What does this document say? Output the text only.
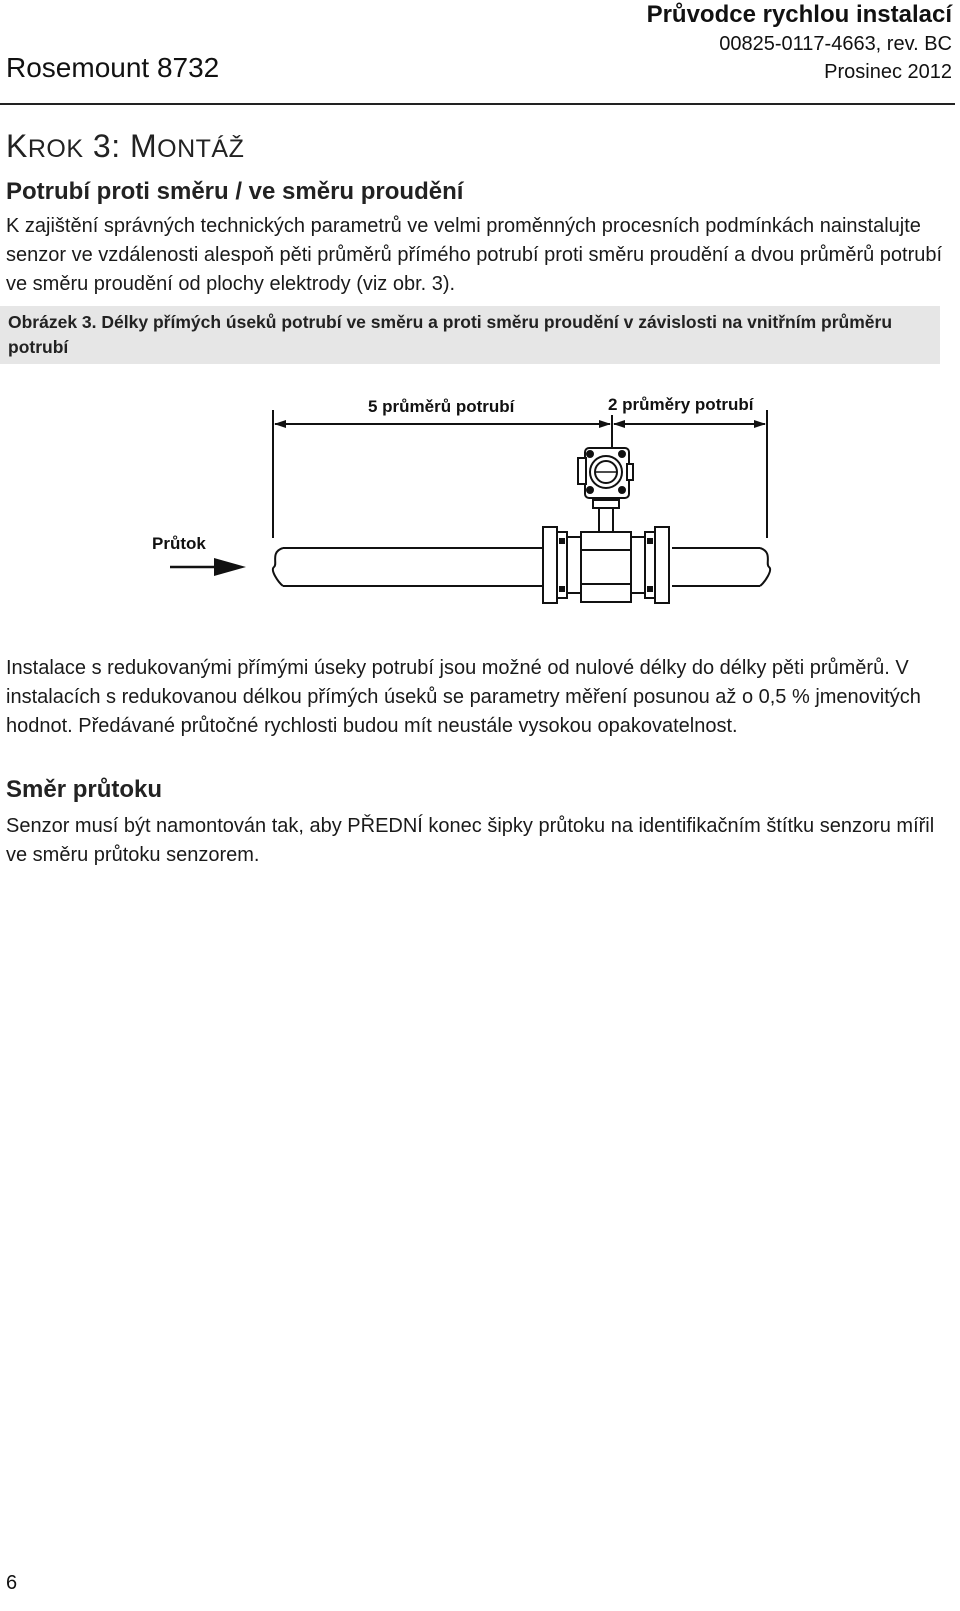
Rosemount 8732
Průvodce rychlou instalací
00825-0117-4663, rev. BC
Prosinec 2012
KROK 3: MONTÁŽ
Potrubí proti směru / ve směru proudění
K zajištění správných technických parametrů ve velmi proměnných procesních podmínkách nainstalujte senzor ve vzdálenosti alespoň pěti průměrů přímého potrubí proti směru proudění a dvou průměrů potrubí ve směru proudění od plochy elektrody (viz obr. 3).
Obrázek 3. Délky přímých úseků potrubí ve směru a proti směru proudění v závislosti na vnitřním průměru potrubí
5 průměrů potrubí	2 průměry potrubí
Průtok
Instalace s redukovanými přímými úseky potrubí jsou možné od nulové délky do délky pěti průměrů. V instalacích s redukovanou délkou přímých úseků se parametry měření posunou až o 0,5 % jmenovitých hodnot. Předávané průtočné rychlosti budou mít neustále vysokou opakovatelnost.
Směr průtoku
Senzor musí být namontován tak, aby PŘEDNÍ konec šipky průtoku na identifikačním štítku senzoru mířil ve směru průtoku senzorem.
6
